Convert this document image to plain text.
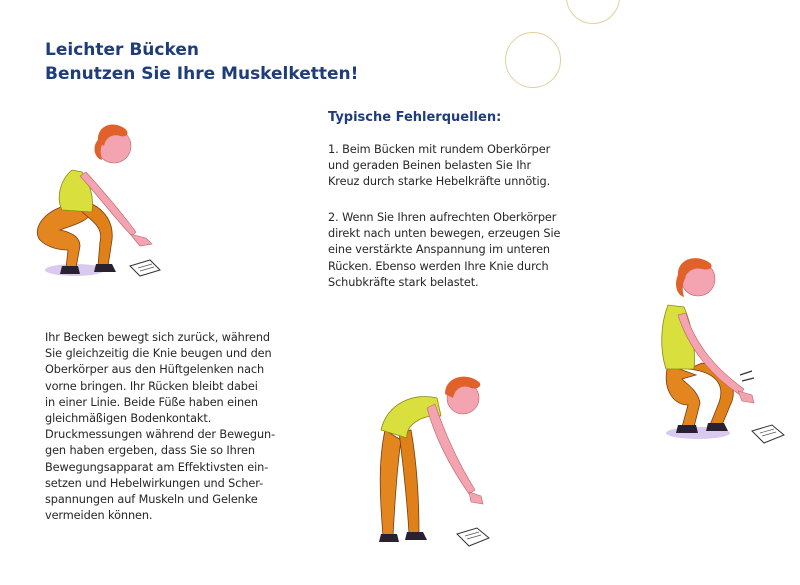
Leichter Bücken
Benutzen Sie Ihre Muskelketten!
Typische Fehlerquellen:

1. Beim Bücken mit rundem Oberkörper
und geraden Beinen belasten Sie Ihr
Kreuz durch starke Hebelkräfte unnötig.

2. Wenn Sie Ihren aufrechten Oberkörper
direkt nach unten bewegen, erzeugen Sie
eine verstärkte Anspannung im unteren
Rücken. Ebenso werden Ihre Knie durch
Schubkräfte stark belastet.

Ihr Becken bewegt sich zurück, während
Sie gleichzeitig die Knie beugen und den
Oberkörper aus den Hüftgelenken nach
vorne bringen. Ihr Rücken bleibt dabei
in einer Linie. Beide Füße haben einen
gleichmäßigen Bodenkontakt.
Druckmessungen während der Bewegun-
gen haben ergeben, dass Sie so Ihren
Bewegungsapparat am Effektivsten ein-
setzen und Hebelwirkungen und Scher-
spannungen auf Muskeln und Gelenke
vermeiden können.
